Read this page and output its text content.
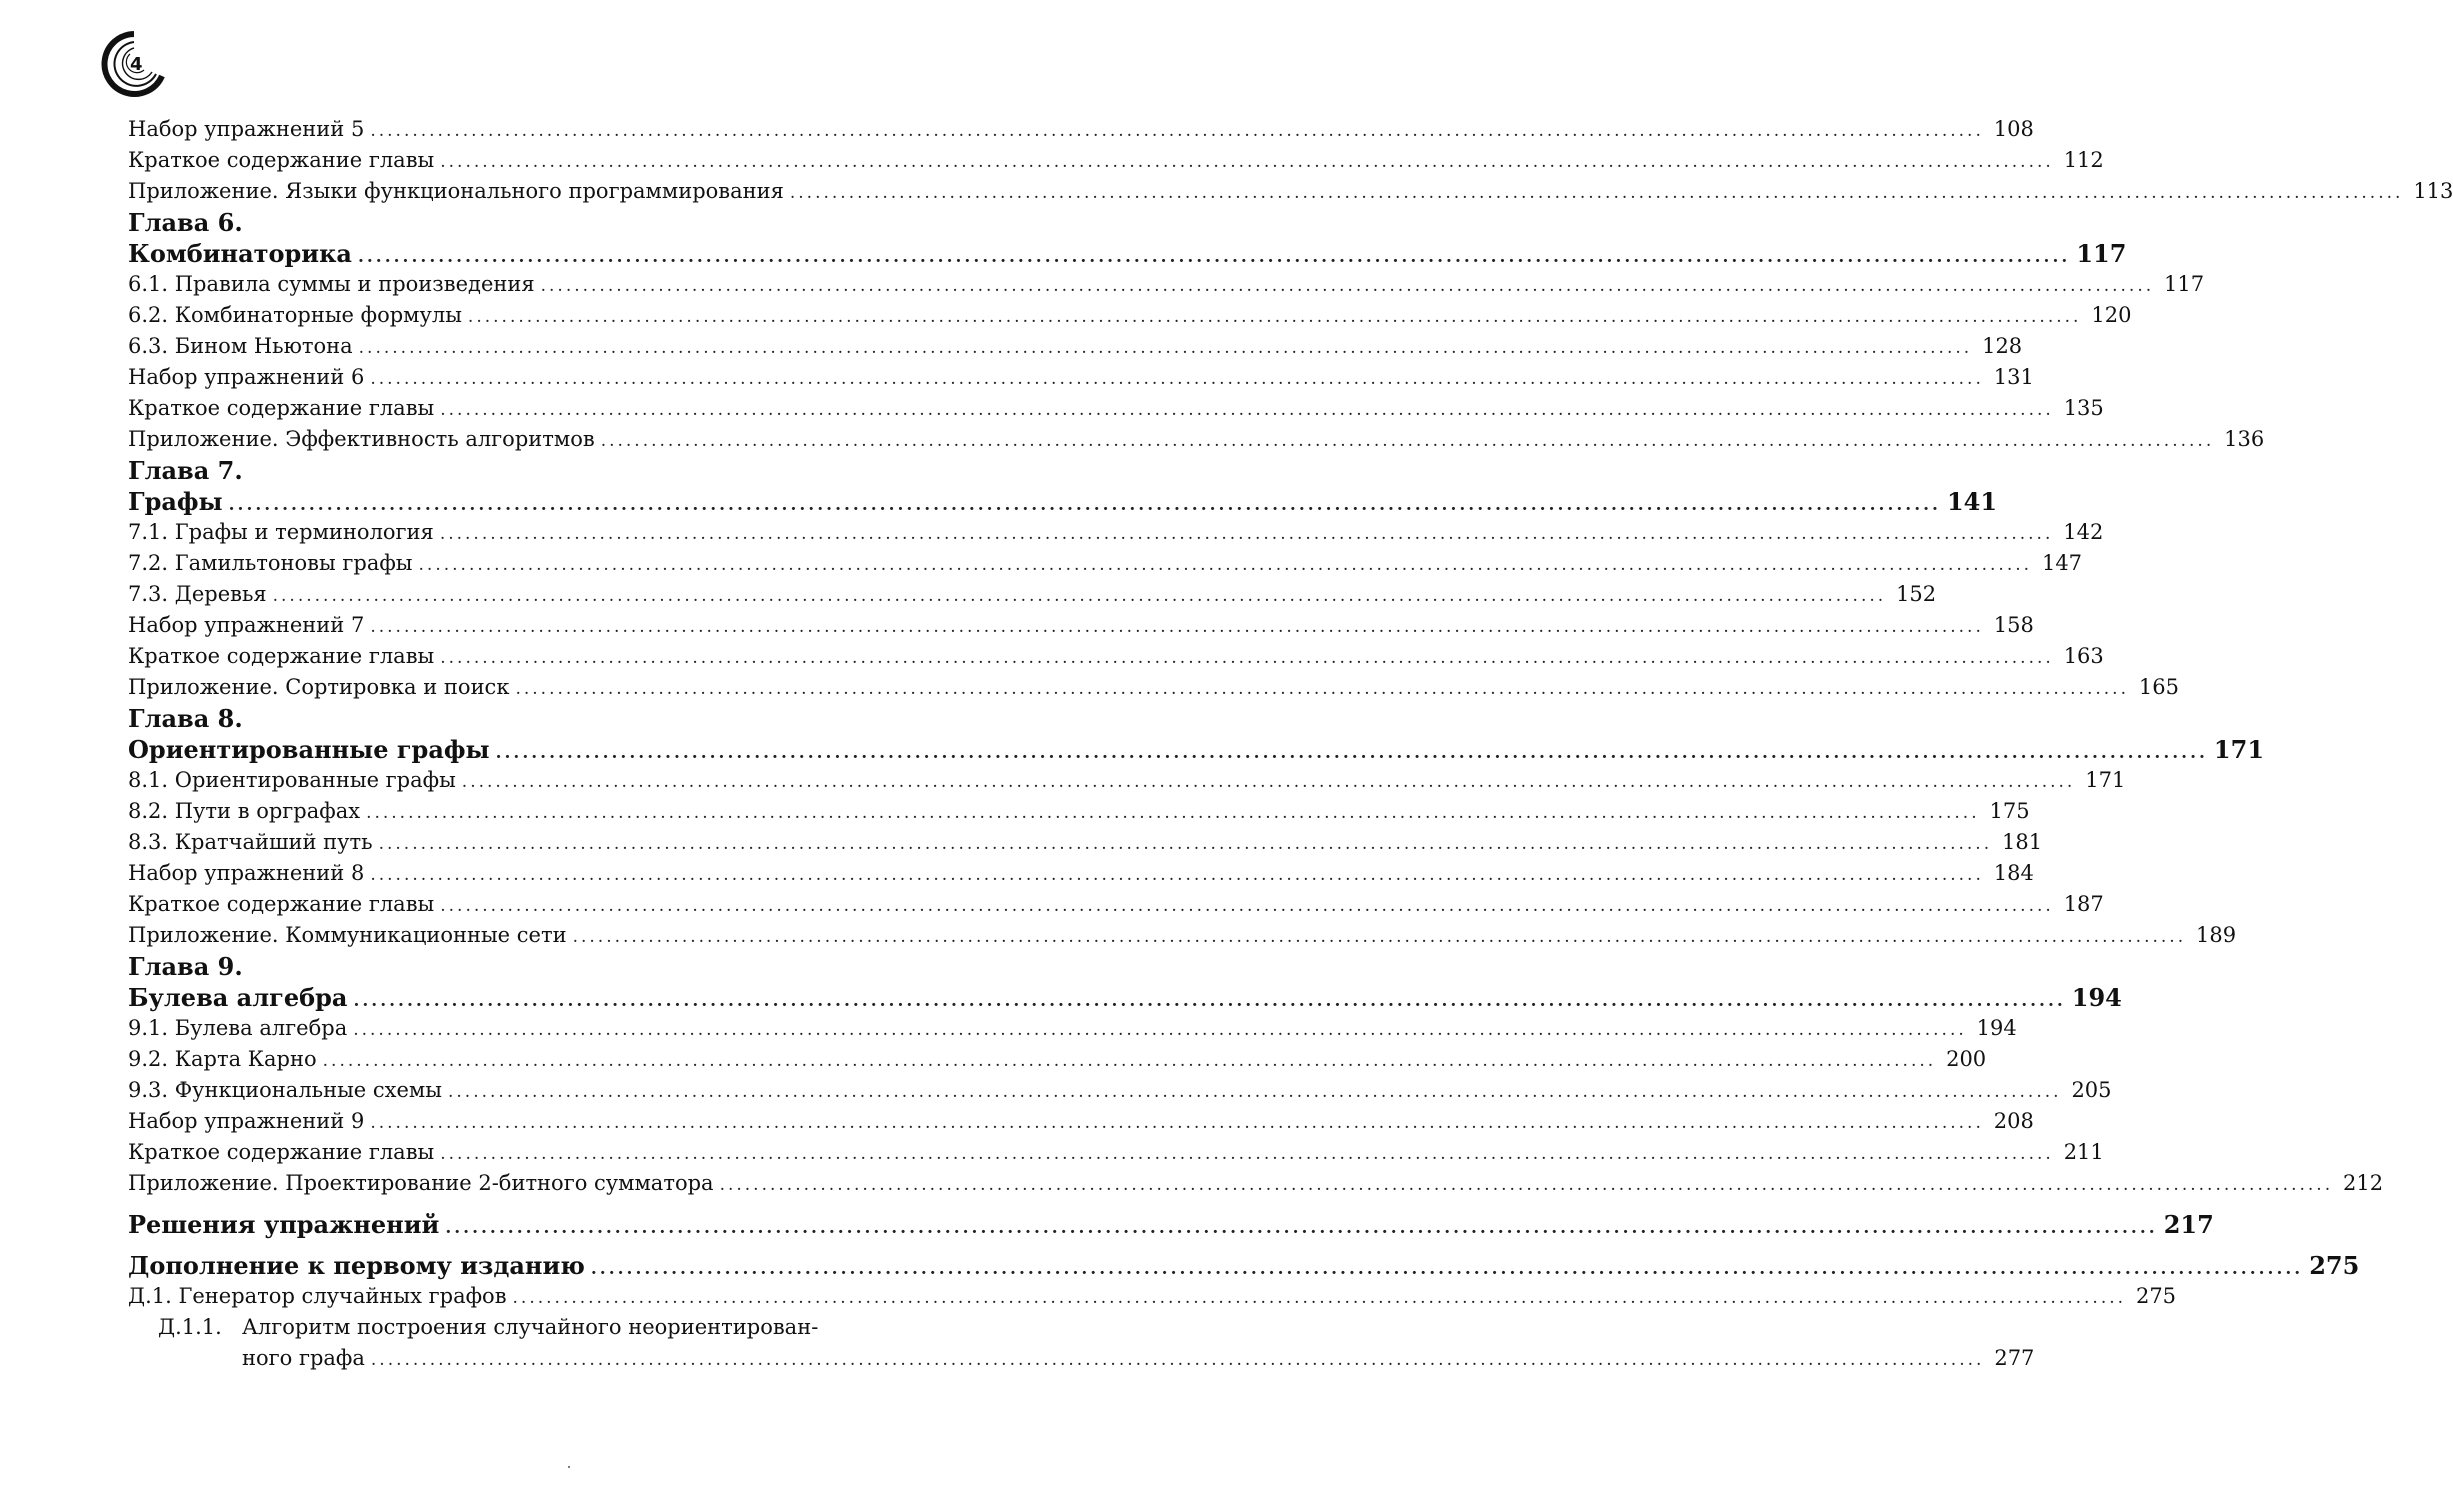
4
Набор упражнений 5 .....	108
Краткое содержание главы .....	112
Приложение. Языки функционального программирования .....	113
Глава 6.
Комбинаторика .....	117
6.1. Правила суммы и произведения .....	117
6.2. Комбинаторные формулы .....	120
6.3. Бином Ньютона .....	128
Набор упражнений 6 .....	131
Краткое содержание главы .....	135
Приложение. Эффективность алгоритмов .....	136
Глава 7.
Графы .....	141
7.1. Графы и терминология .....	142
7.2. Гамильтоновы графы .....	147
7.3. Деревья .....	152
Набор упражнений 7 .....	158
Краткое содержание главы .....	163
Приложение. Сортировка и поиск .....	165
Глава 8.
Ориентированные графы .....	171
8.1. Ориентированные графы .....	171
8.2. Пути в орграфах .....	175
8.3. Кратчайший путь .....	181
Набор упражнений 8 .....	184
Краткое содержание главы .....	187
Приложение. Коммуникационные сети .....	189
Глава 9.
Булева алгебра .....	194
9.1. Булева алгебра .....	194
9.2. Карта Карно .....	200
9.3. Функциональные схемы .....	205
Набор упражнений 9 .....	208
Краткое содержание главы .....	211
Приложение. Проектирование 2-битного сумматора .....	212
Решения упражнений .....	217
Дополнение к первому изданию .....	275
Д.1. Генератор случайных графов .....	275
Д.1.1. Алгоритм построения случайного неориентирован-
ного графа .....	277
